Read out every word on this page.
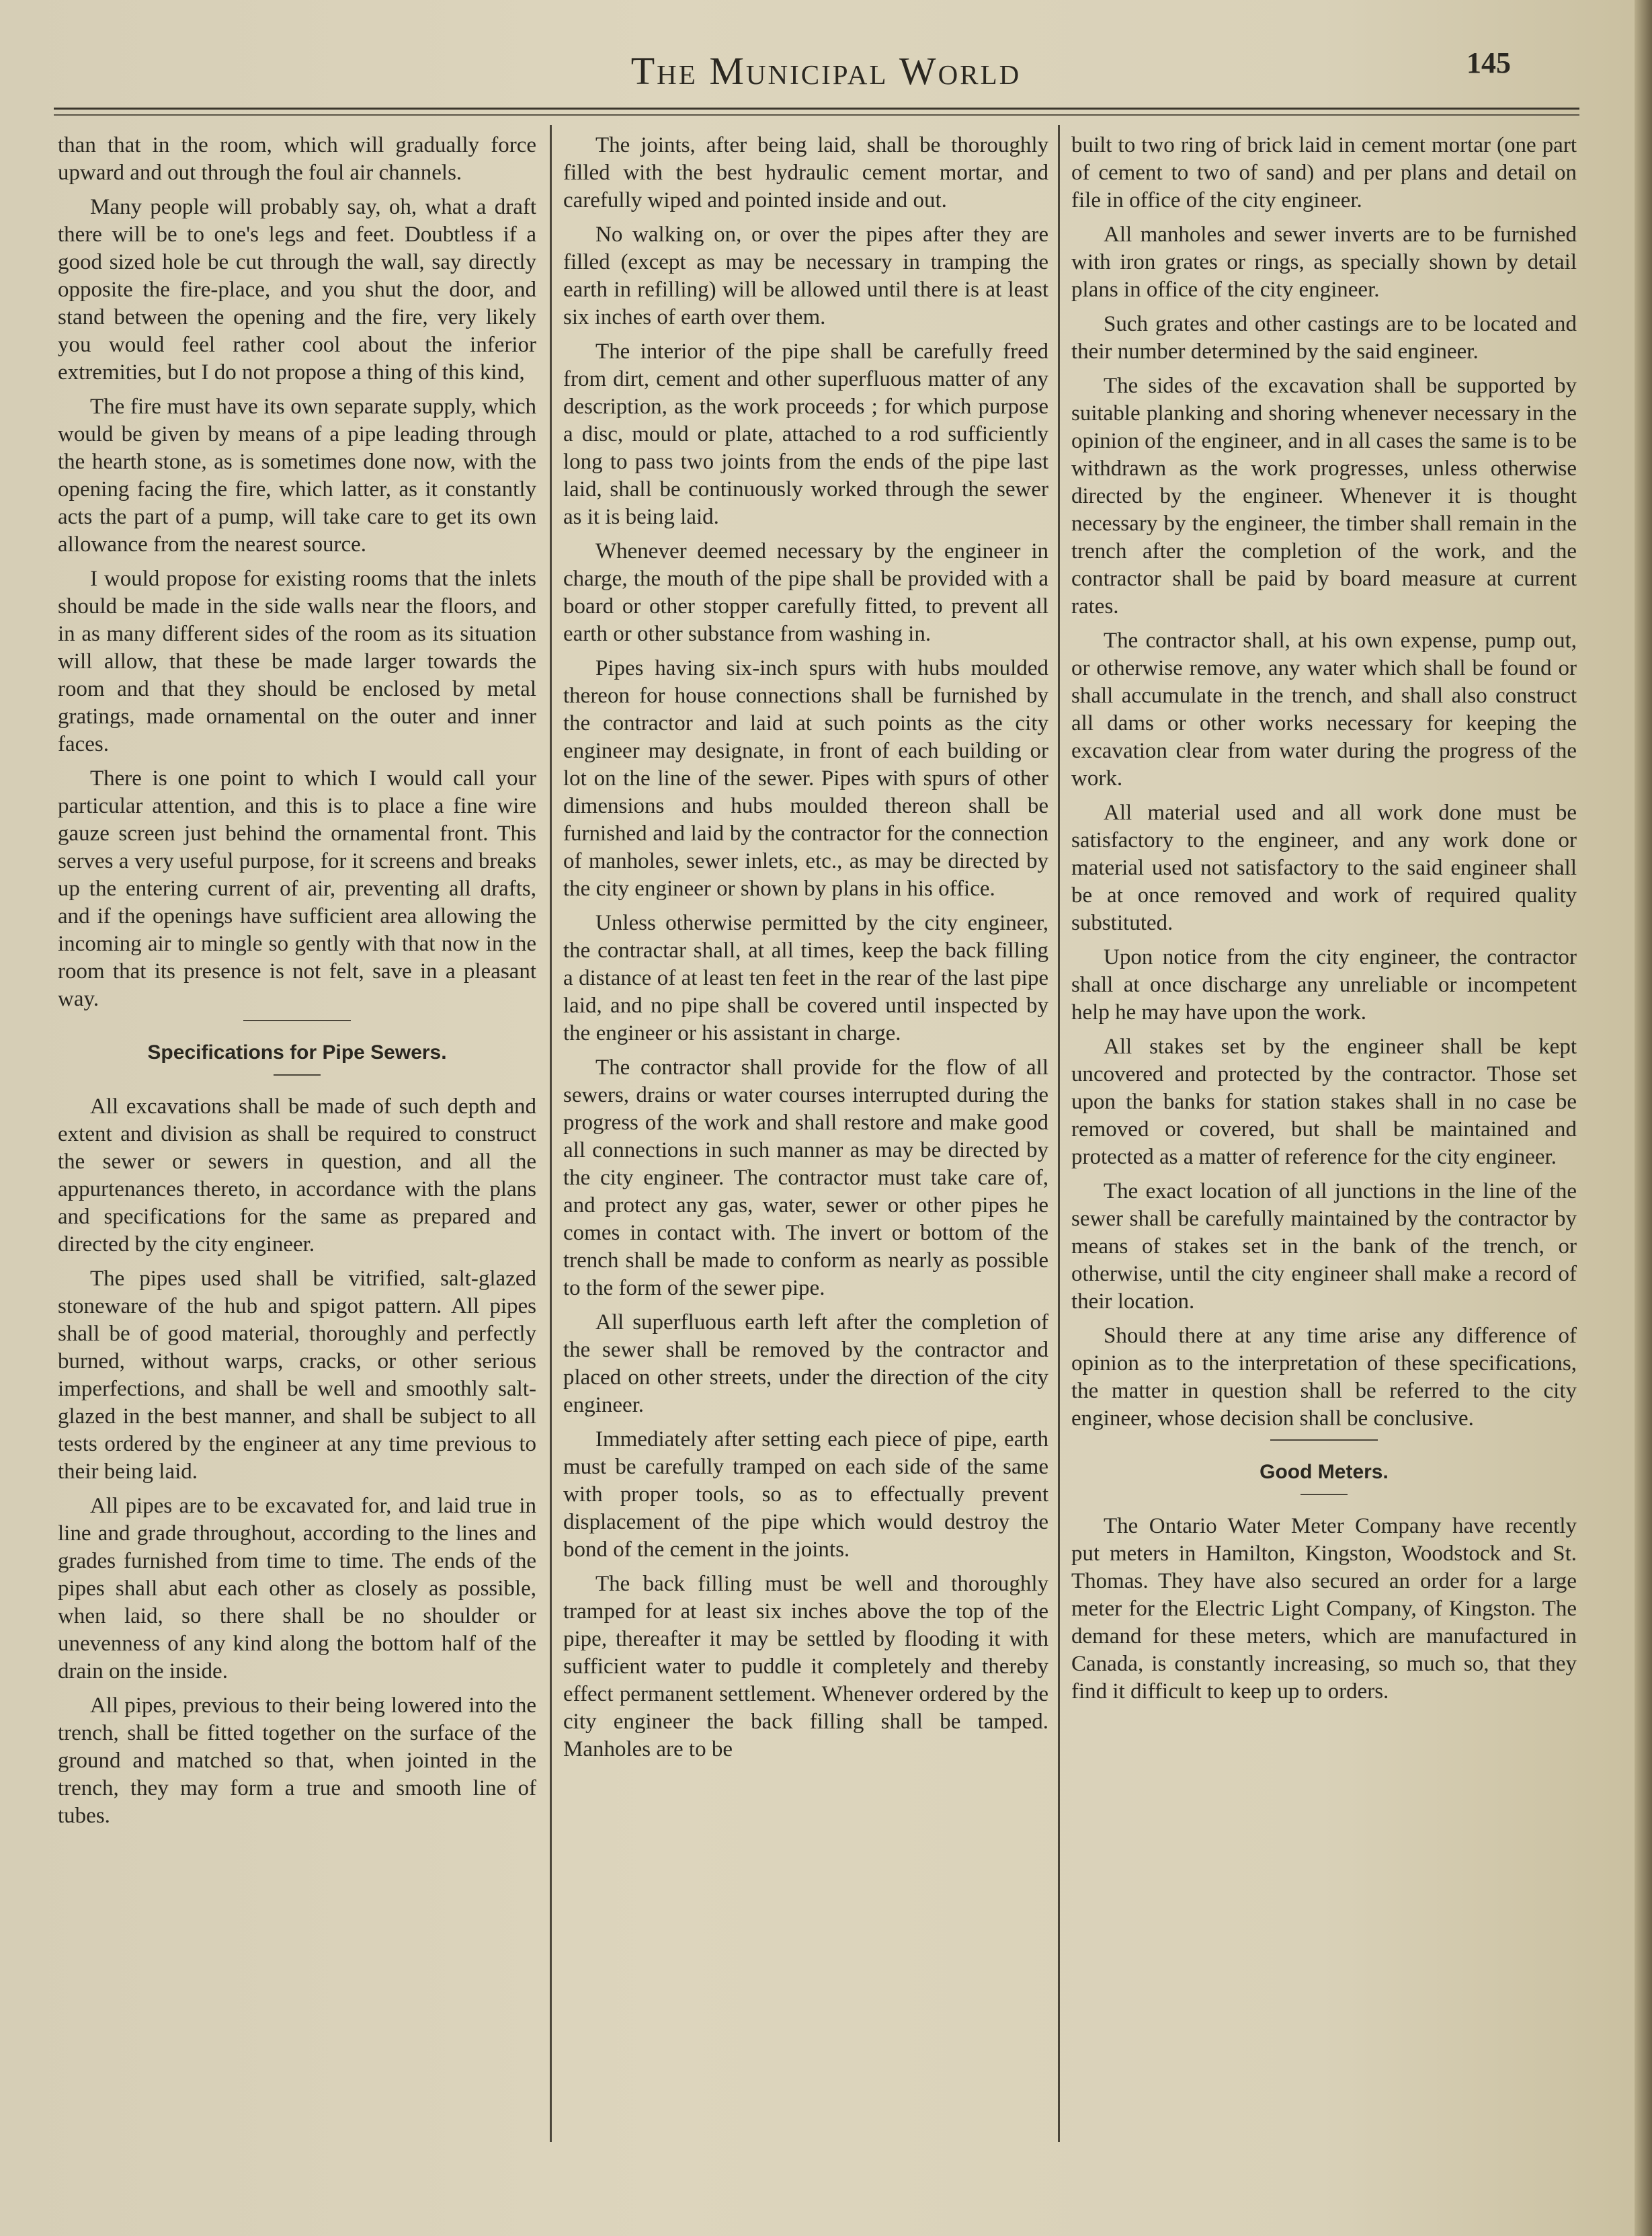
The Municipal World	145

than that in the room, which will gradually force upward and out through the foul air channels.

Many people will probably say, oh, what a draft there will be to one's legs and feet. Doubtless if a good sized hole be cut through the wall, say directly opposite the fire-place, and you shut the door, and stand between the opening and the fire, very likely you would feel rather cool about the inferior extremities, but I do not propose a thing of this kind,

The fire must have its own separate supply, which would be given by means of a pipe leading through the hearth stone, as is sometimes done now, with the opening facing the fire, which latter, as it constantly acts the part of a pump, will take care to get its own allowance from the nearest source.

I would propose for existing rooms that the inlets should be made in the side walls near the floors, and in as many different sides of the room as its situation will allow, that these be made larger towards the room and that they should be enclosed by metal gratings, made ornamental on the outer and inner faces.

There is one point to which I would call your particular attention, and this is to place a fine wire gauze screen just behind the ornamental front. This serves a very useful purpose, for it screens and breaks up the entering current of air, preventing all drafts, and if the openings have sufficient area allowing the incoming air to mingle so gently with that now in the room that its presence is not felt, save in a pleasant way.

Specifications for Pipe Sewers.

All excavations shall be made of such depth and extent and division as shall be required to construct the sewer or sewers in question, and all the appurtenances thereto, in accordance with the plans and specifications for the same as prepared and directed by the city engineer.

The pipes used shall be vitrified, salt-glazed stoneware of the hub and spigot pattern. All pipes shall be of good material, thoroughly and perfectly burned, without warps, cracks, or other serious imperfections, and shall be well and smoothly salt-glazed in the best manner, and shall be subject to all tests ordered by the engineer at any time previous to their being laid.

All pipes are to be excavated for, and laid true in line and grade throughout, according to the lines and grades furnished from time to time. The ends of the pipes shall abut each other as closely as possible, when laid, so there shall be no shoulder or unevenness of any kind along the bottom half of the drain on the inside.

All pipes, previous to their being lowered into the trench, shall be fitted together on the surface of the ground and matched so that, when jointed in the trench, they may form a true and smooth line of tubes.

The joints, after being laid, shall be thoroughly filled with the best hydraulic cement mortar, and carefully wiped and pointed inside and out.

No walking on, or over the pipes after they are filled (except as may be necessary in tramping the earth in refilling) will be allowed until there is at least six inches of earth over them.

The interior of the pipe shall be carefully freed from dirt, cement and other superfluous matter of any description, as the work proceeds ; for which purpose a disc, mould or plate, attached to a rod sufficiently long to pass two joints from the ends of the pipe last laid, shall be continuously worked through the sewer as it is being laid.

Whenever deemed necessary by the engineer in charge, the mouth of the pipe shall be provided with a board or other stopper carefully fitted, to prevent all earth or other substance from washing in.

Pipes having six-inch spurs with hubs moulded thereon for house connections shall be furnished by the contractor and laid at such points as the city engineer may designate, in front of each building or lot on the line of the sewer. Pipes with spurs of other dimensions and hubs moulded thereon shall be furnished and laid by the contractor for the connection of manholes, sewer inlets, etc., as may be directed by the city engineer or shown by plans in his office.

Unless otherwise permitted by the city engineer, the contractar shall, at all times, keep the back filling a distance of at least ten feet in the rear of the last pipe laid, and no pipe shall be covered until inspected by the engineer or his assistant in charge.

The contractor shall provide for the flow of all sewers, drains or water courses interrupted during the progress of the work and shall restore and make good all connections in such manner as may be directed by the city engineer. The contractor must take care of, and protect any gas, water, sewer or other pipes he comes in contact with. The invert or bottom of the trench shall be made to conform as nearly as possible to the form of the sewer pipe.

All superfluous earth left after the completion of the sewer shall be removed by the contractor and placed on other streets, under the direction of the city engineer.

Immediately after setting each piece of pipe, earth must be carefully tramped on each side of the same with proper tools, so as to effectually prevent displacement of the pipe which would destroy the bond of the cement in the joints.

The back filling must be well and thoroughly tramped for at least six inches above the top of the pipe, thereafter it may be settled by flooding it with sufficient water to puddle it completely and thereby effect permanent settlement. Whenever ordered by the city engineer the back filling shall be tamped. Manholes are to be

built to two ring of brick laid in cement mortar (one part of cement to two of sand) and per plans and detail on file in office of the city engineer.

All manholes and sewer inverts are to be furnished with iron grates or rings, as specially shown by detail plans in office of the city engineer.

Such grates and other castings are to be located and their number determined by the said engineer.

The sides of the excavation shall be supported by suitable planking and shoring whenever necessary in the opinion of the engineer, and in all cases the same is to be withdrawn as the work progresses, unless otherwise directed by the engineer. Whenever it is thought necessary by the engineer, the timber shall remain in the trench after the completion of the work, and the contractor shall be paid by board measure at current rates.

The contractor shall, at his own expense, pump out, or otherwise remove, any water which shall be found or shall accumulate in the trench, and shall also construct all dams or other works necessary for keeping the excavation clear from water during the progress of the work.

All material used and all work done must be satisfactory to the engineer, and any work done or material used not satisfactory to the said engineer shall be at once removed and work of required quality substituted.

Upon notice from the city engineer, the contractor shall at once discharge any unreliable or incompetent help he may have upon the work.

All stakes set by the engineer shall be kept uncovered and protected by the contractor. Those set upon the banks for station stakes shall in no case be removed or covered, but shall be maintained and protected as a matter of reference for the city engineer.

The exact location of all junctions in the line of the sewer shall be carefully maintained by the contractor by means of stakes set in the bank of the trench, or otherwise, until the city engineer shall make a record of their location.

Should there at any time arise any difference of opinion as to the interpretation of these specifications, the matter in question shall be referred to the city engineer, whose decision shall be conclusive.

Good Meters.

The Ontario Water Meter Company have recently put meters in Hamilton, Kingston, Woodstock and St. Thomas. They have also secured an order for a large meter for the Electric Light Company, of Kingston. The demand for these meters, which are manufactured in Canada, is constantly increasing, so much so, that they find it difficult to keep up to orders.
